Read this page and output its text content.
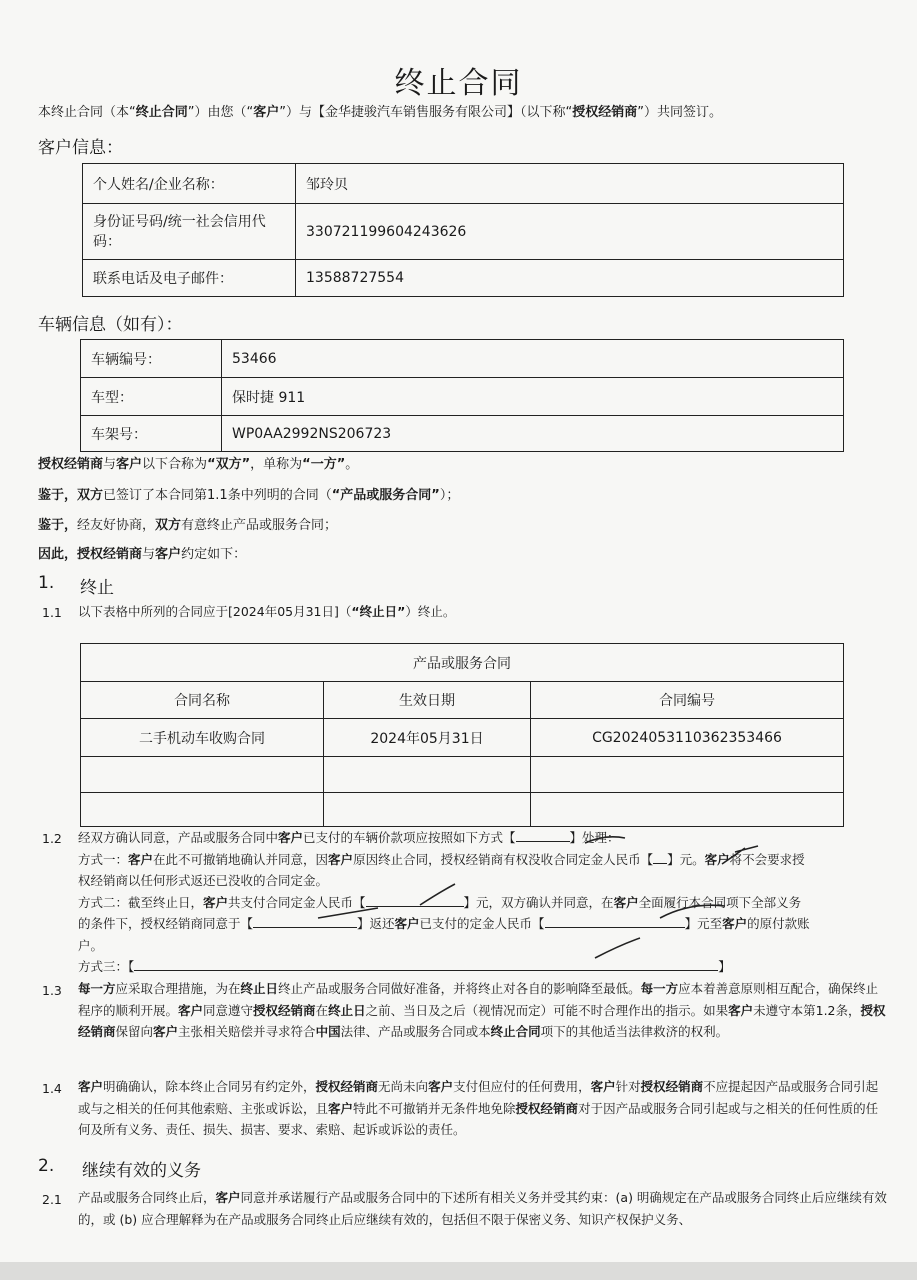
终止合同
本终止合同（本“终止合同”）由您（“客户”）与【金华捷骏汽车销售服务有限公司】（以下称“授权经销商”）共同签订。
客户信息：
个人姓名/企业名称：	邹玲贝
身份证号码/统一社会信用代码：	330721199604243626
联系电话及电子邮件：	13588727554
车辆信息（如有）：
车辆编号：	53466
车型：	保时捷 911
车架号：	WP0AA2992NS206723
授权经销商与客户以下合称为“双方”，单称为“一方”。
鉴于，双方已签订了本合同第1.1条中列明的合同（“产品或服务合同”）；
鉴于，经友好协商，双方有意终止产品或服务合同；
因此，授权经销商与客户约定如下：
1. 终止
1.1 以下表格中所列的合同应于[2024年05月31日]（“终止日”）终止。
产品或服务合同		
合同名称	生效日期	合同编号
二手机动车收购合同	2024年05月31日	CG2024053110362353466

1.2 经双方确认同意，产品或服务合同中客户已支付的车辆价款项应按照如下方式【	】处理：
方式一：客户在此不可撤销地确认并同意，因客户原因终止合同，授权经销商有权没收合同定金人民币【 】元。客户将不会要求授
权经销商以任何形式返还已没收的合同定金。
方式二：截至终止日，客户共支付合同定金人民币【	】元，双方确认并同意，在客户全面履行本合同项下全部义务
的条件下，授权经销商同意于【	】返还客户已支付的定金人民币【	】元至客户的原付款账
户。
方式三：【	】
1.3 每一方应采取合理措施，为在终止日终止产品或服务合同做好准备，并将终止对各自的影响降至最低。每一方应本着善意原则相互配合，确保终止程序的顺利开展。客户同意遵守授权经销商在终止日之前、当日及之后（视情况而定）可能不时合理作出的指示。如果客户未遵守本第1.2条，授权经销商保留向客户主张相关赔偿并寻求符合中国法律、产品或服务合同或本终止合同项下的其他适当法律救济的权利。
1.4 客户明确确认，除本终止合同另有约定外，授权经销商无尚未向客户支付但应付的任何费用，客户针对授权经销商不应提起因产品或服务合同引起或与之相关的任何其他索赔、主张或诉讼，且客户特此不可撤销并无条件地免除授权经销商对于因产品或服务合同引起或与之相关的任何性质的任何及所有义务、责任、损失、损害、要求、索赔、起诉或诉讼的责任。
2. 继续有效的义务
2.1 产品或服务合同终止后，客户同意并承诺履行产品或服务合同中的下述所有相关义务并受其约束：(a) 明确规定在产品或服务合同终止后应继续有效的，或 (b) 应合理解释为在产品或服务合同终止后应继续有效的，包括但不限于保密义务、知识产权保护义务、
